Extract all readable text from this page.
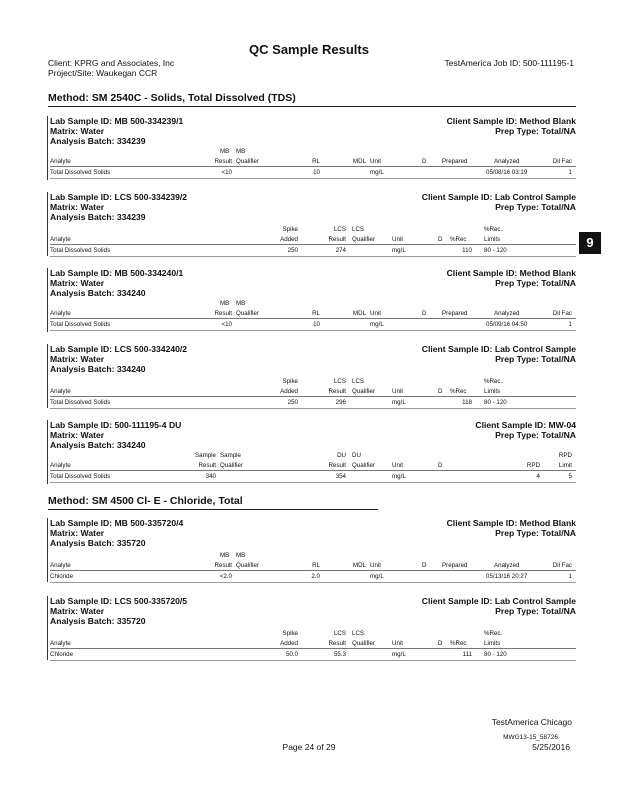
QC Sample Results
Client: KPRG and Associates, Inc
Project/Site: Waukegan CCR
TestAmerica Job ID: 500-111195-1
9
Method: SM 2540C - Solids, Total Dissolved (TDS)
Lab Sample ID: MB 500-334239/1	Client Sample ID: Method Blank
Matrix: Water	Prep Type: Total/NA
Analysis Batch: 334239
MB MB
Analyte	Result Qualifier	RL	MDL Unit	D	Prepared	Analyzed	Dil Fac
Total Dissolved Solids	<10	10	mg/L	05/08/16 03:19	1
Lab Sample ID: LCS 500-334239/2	Client Sample ID: Lab Control Sample
Matrix: Water	Prep Type: Total/NA
Analysis Batch: 334239
Spike	LCS LCS	%Rec.
Analyte	Added	Result Qualifier	Unit	D %Rec	Limits
Total Dissolved Solids	250	274	mg/L	110 80 - 120
Lab Sample ID: MB 500-334240/1	Client Sample ID: Method Blank
Matrix: Water	Prep Type: Total/NA
Analysis Batch: 334240
MB MB
Analyte	Result Qualifier	RL	MDL Unit	D	Prepared	Analyzed	Dil Fac
Total Dissolved Solids	<10	10	mg/L	05/09/16 04:50	1
Lab Sample ID: LCS 500-334240/2	Client Sample ID: Lab Control Sample
Matrix: Water	Prep Type: Total/NA
Analysis Batch: 334240
Spike	LCS LCS	%Rec.
Analyte	Added	Result Qualifier	Unit	D %Rec	Limits
Total Dissolved Solids	250	296	mg/L	118 80 - 120
Lab Sample ID: 500-111195-4 DU	Client Sample ID: MW-04
Matrix: Water	Prep Type: Total/NA
Analysis Batch: 334240
Sample Sample	DU DU	RPD
Analyte	Result Qualifier	Result Qualifier	Unit	D	RPD	Limit
Total Dissolved Solids	340	354	mg/L	4	5
Method: SM 4500 Cl- E - Chloride, Total
Lab Sample ID: MB 500-335720/4	Client Sample ID: Method Blank
Matrix: Water	Prep Type: Total/NA
Analysis Batch: 335720
MB MB
Analyte	Result Qualifier	RL	MDL Unit	D	Prepared	Analyzed	Dil Fac
Chloride	<2.0	2.0	mg/L	05/13/16 20:27	1
Lab Sample ID: LCS 500-335720/5	Client Sample ID: Lab Control Sample
Matrix: Water	Prep Type: Total/NA
Analysis Batch: 335720
Spike	LCS LCS	%Rec.
Analyte	Added	Result Qualifier	Unit	D %Rec	Limits
Chloride	50.0	55.3	mg/L	111 80 - 120
TestAmerica Chicago
Page 24 of 29
MWG13-15_58726
5/25/2016
